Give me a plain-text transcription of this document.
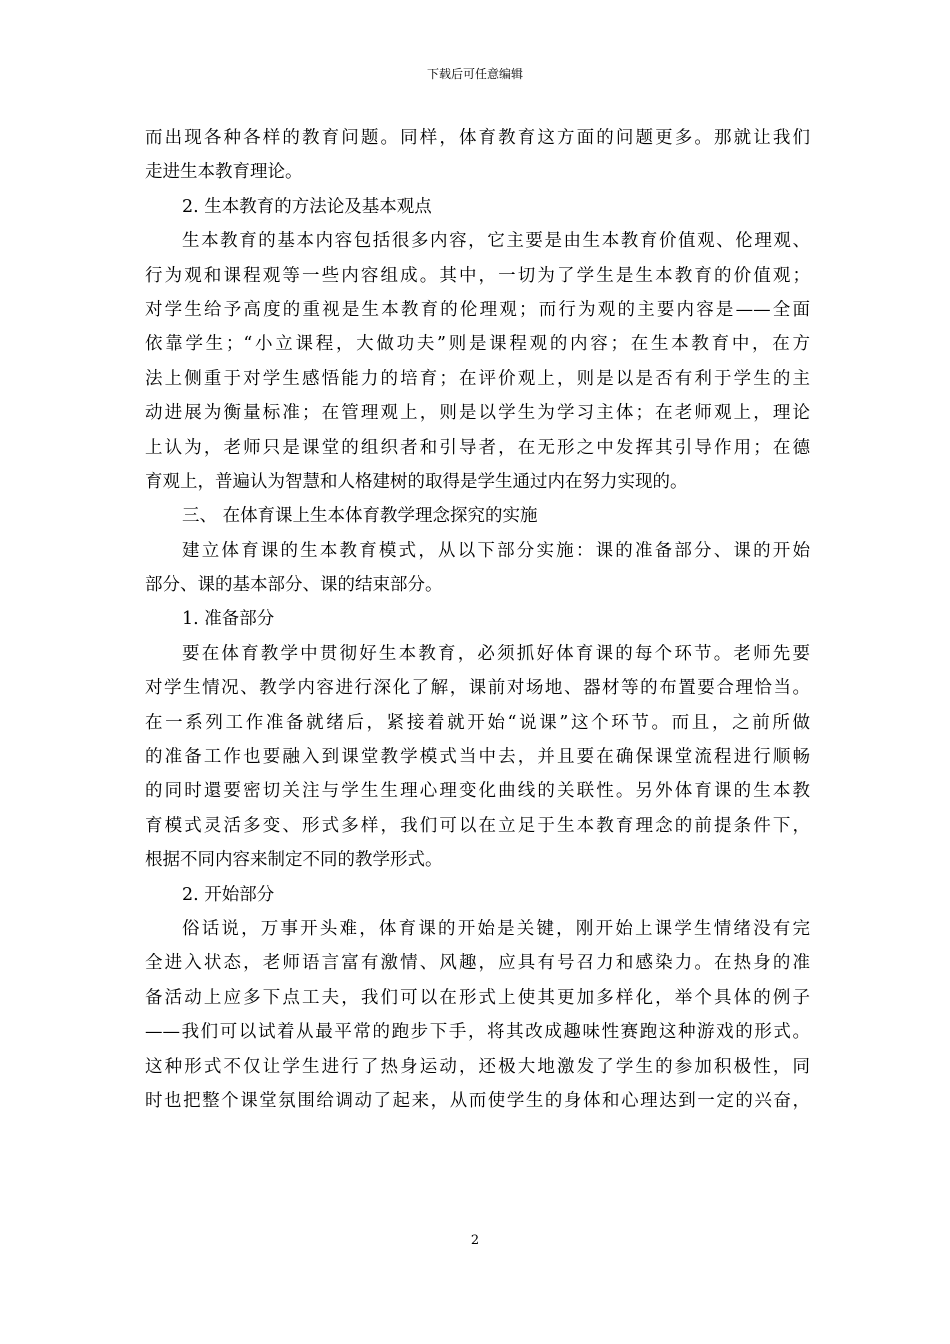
下载后可任意编辑
而出现各种各样的教育问题。同样，体育教育这方面的问题更多。那就让我们
走进生本教育理论。
2. 生本教育的方法论及基本观点
生本教育的基本内容包括很多内容，它主要是由生本教育价值观、伦理观、
行为观和课程观等一些内容组成。其中，一切为了学生是生本教育的价值观；
对学生给予高度的重视是生本教育的伦理观；而行为观的主要内容是——全面
依靠学生；“小立课程，大做功夫”则是课程观的内容；在生本教育中，在方
法上侧重于对学生感悟能力的培育；在评价观上，则是以是否有利于学生的主
动进展为衡量标准；在管理观上，则是以学生为学习主体；在老师观上，理论
上认为，老师只是课堂的组织者和引导者，在无形之中发挥其引导作用；在德
育观上，普遍认为智慧和人格建树的取得是学生通过内在努力实现的。
三、 在体育课上生本体育教学理念探究的实施
建立体育课的生本教育模式，从以下部分实施：课的准备部分、课的开始
部分、课的基本部分、课的结束部分。
1. 准备部分
要在体育教学中贯彻好生本教育，必须抓好体育课的每个环节。老师先要
对学生情况、教学内容进行深化了解，课前对场地、器材等的布置要合理恰当。
在一系列工作准备就绪后，紧接着就开始“说课”这个环节。而且，之前所做
的准备工作也要融入到课堂教学模式当中去，并且要在确保课堂流程进行顺畅
的同时還要密切关注与学生生理心理变化曲线的关联性。另外体育课的生本教
育模式灵活多变、形式多样，我们可以在立足于生本教育理念的前提条件下，
根据不同内容来制定不同的教学形式。
2. 开始部分
俗话说，万事开头难，体育课的开始是关键，刚开始上课学生情绪没有完
全进入状态，老师语言富有激情、风趣，应具有号召力和感染力。在热身的准
备活动上应多下点工夫，我们可以在形式上使其更加多样化，举个具体的例子
——我们可以试着从最平常的跑步下手，将其改成趣味性赛跑这种游戏的形式。
这种形式不仅让学生进行了热身运动，还极大地激发了学生的参加积极性，同
时也把整个课堂氛围给调动了起来，从而使学生的身体和心理达到一定的兴奋，
2
